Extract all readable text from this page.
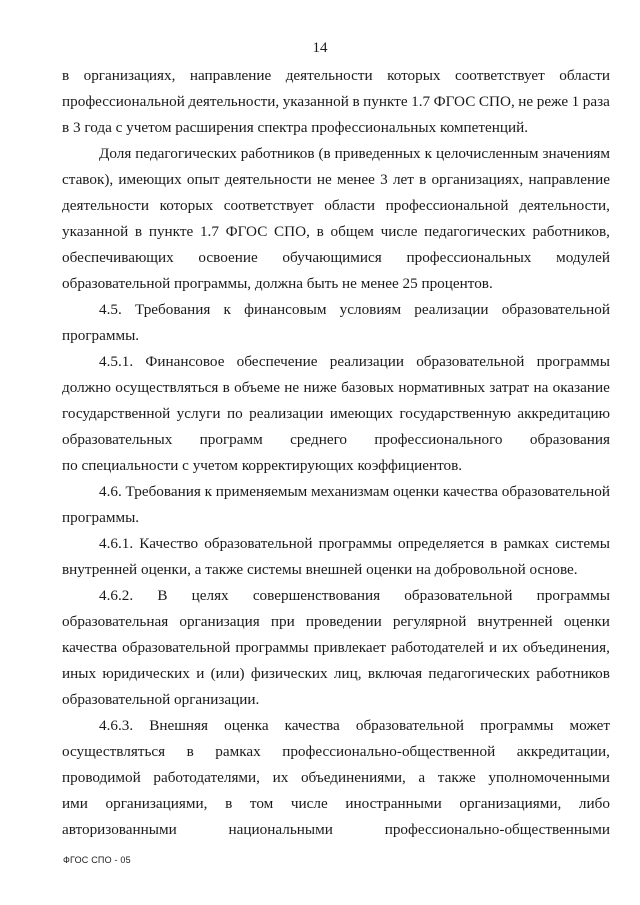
14
в организациях, направление деятельности которых соответствует области
профессиональной деятельности, указанной в пункте 1.7 ФГОС СПО, не реже 1 раза
в 3 года с учетом расширения спектра профессиональных компетенций.
Доля педагогических работников (в приведенных к целочисленным значениям
ставок), имеющих опыт деятельности не менее 3 лет в организациях, направление
деятельности которых соответствует области профессиональной деятельности,
указанной в пункте 1.7 ФГОС СПО, в общем числе педагогических работников,
обеспечивающих освоение обучающимися профессиональных модулей
образовательной программы, должна быть не менее 25 процентов.
4.5. Требования к финансовым условиям реализации образовательной
программы.
4.5.1. Финансовое обеспечение реализации образовательной программы
должно осуществляться в объеме не ниже базовых нормативных затрат на оказание
государственной услуги по реализации имеющих государственную аккредитацию
образовательных программ среднего профессионального образования
по специальности с учетом корректирующих коэффициентов.
4.6. Требования к применяемым механизмам оценки качества образовательной
программы.
4.6.1. Качество образовательной программы определяется в рамках системы
внутренней оценки, а также системы внешней оценки на добровольной основе.
4.6.2. В целях совершенствования образовательной программы
образовательная организация при проведении регулярной внутренней оценки
качества образовательной программы привлекает работодателей и их объединения,
иных юридических и (или) физических лиц, включая педагогических работников
образовательной организации.
4.6.3. Внешняя оценка качества образовательной программы может
осуществляться в рамках профессионально-общественной аккредитации,
проводимой работодателями, их объединениями, а также уполномоченными
ими организациями, в том числе иностранными организациями, либо
авторизованными	национальными	профессионально-общественными
ФГОС СПО - 05
